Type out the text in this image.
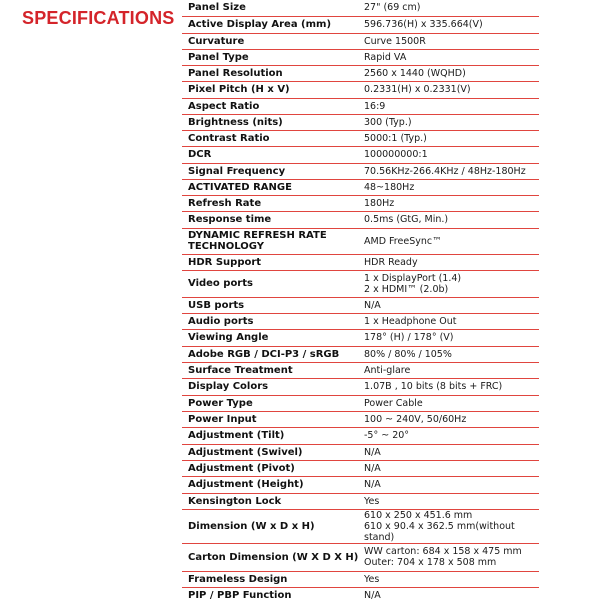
SPECIFICATIONS
Panel Size	27" (69 cm)
Active Display Area (mm)	596.736(H) x 335.664(V)
Curvature	Curve 1500R
Panel Type	Rapid VA
Panel Resolution	2560 x 1440 (WQHD)
Pixel Pitch (H x V)	0.2331(H) x 0.2331(V)
Aspect Ratio	16:9
Brightness (nits)	300 (Typ.)
Contrast Ratio	5000:1 (Typ.)
DCR	100000000:1
Signal Frequency	70.56KHz-266.4KHz / 48Hz-180Hz
ACTIVATED RANGE	48~180Hz
Refresh Rate	180Hz
Response time	0.5ms (GtG, Min.)
DYNAMIC REFRESH RATE
TECHNOLOGY	AMD FreeSync™
HDR Support	HDR Ready
Video ports	1 x DisplayPort (1.4)
2 x HDMI™ (2.0b)
USB ports	N/A
Audio ports	1 x Headphone Out
Viewing Angle	178° (H) / 178° (V)
Adobe RGB / DCI-P3 / sRGB	80% / 80% / 105%
Surface Treatment	Anti-glare
Display Colors	1.07B , 10 bits (8 bits + FRC)
Power Type	Power Cable
Power Input	100 ~ 240V, 50/60Hz
Adjustment (Tilt)	-5° ~ 20°
Adjustment (Swivel)	N/A
Adjustment (Pivot)	N/A
Adjustment (Height)	N/A
Kensington Lock	Yes
Dimension (W x D x H)	610 x 250 x 451.6 mm
610 x 90.4 x 362.5 mm(without stand)
Carton Dimension (W X D X H)	WW carton: 684 x 158 x 475 mm
Outer: 704 x 178 x 508 mm
Frameless Design	Yes
PIP / PBP Function	N/A
